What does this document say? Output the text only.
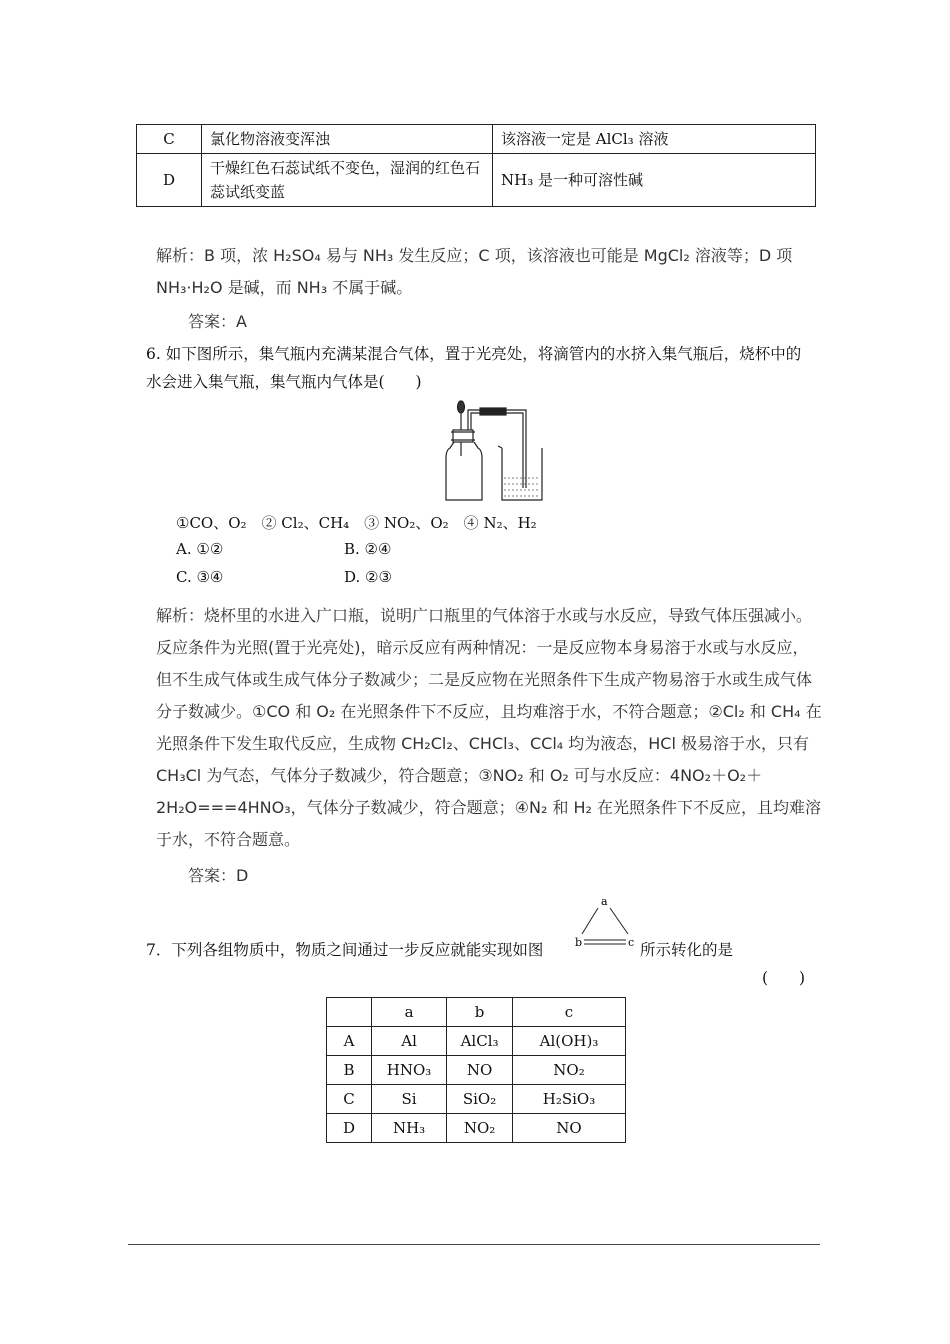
C	氯化物溶液变浑浊	该溶液一定是 AlCl₃ 溶液
D	干燥红色石蕊试纸不变色，湿润的红色石蕊试纸变蓝	NH₃ 是一种可溶性碱
解析：B 项，浓 H₂SO₄ 易与 NH₃ 发生反应；C 项，该溶液也可能是 MgCl₂ 溶液等；D 项 NH₃·H₂O 是碱，而 NH₃ 不属于碱。
答案：A
6. 如下图所示，集气瓶内充满某混合气体，置于光亮处，将滴管内的水挤入集气瓶后，烧杯中的水会进入集气瓶，集气瓶内气体是(　　)
①CO、O₂　② Cl₂、CH₄　③ NO₂、O₂　④ N₂、H₂
A. ①②	B. ②④
C. ③④	D. ②③
解析：烧杯里的水进入广口瓶，说明广口瓶里的气体溶于水或与水反应，导致气体压强减小。反应条件为光照(置于光亮处)，暗示反应有两种情况：一是反应物本身易溶于水或与水反应，但不生成气体或生成气体分子数减少；二是反应物在光照条件下生成产物易溶于水或生成气体分子数减少。①CO 和 O₂ 在光照条件下不反应，且均难溶于水，不符合题意；②Cl₂ 和 CH₄ 在光照条件下发生取代反应，生成物 CH₂Cl₂、CHCl₃、CCl₄ 均为液态，HCl 极易溶于水，只有 CH₃Cl 为气态，气体分子数减少，符合题意；③NO₂ 和 O₂ 可与水反应：4NO₂＋O₂＋2H₂O===4HNO₃，气体分子数减少，符合题意；④N₂ 和 H₂ 在光照条件下不反应，且均难溶于水，不符合题意。
答案：D
7．下列各组物质中，物质之间通过一步反应就能实现如图
a
b	c 所示转化的是
(　　)
	a	b	c
A	Al	AlCl₃	Al(OH)₃
B	HNO₃	NO	NO₂
C	Si	SiO₂	H₂SiO₃
D	NH₃	NO₂	NO
